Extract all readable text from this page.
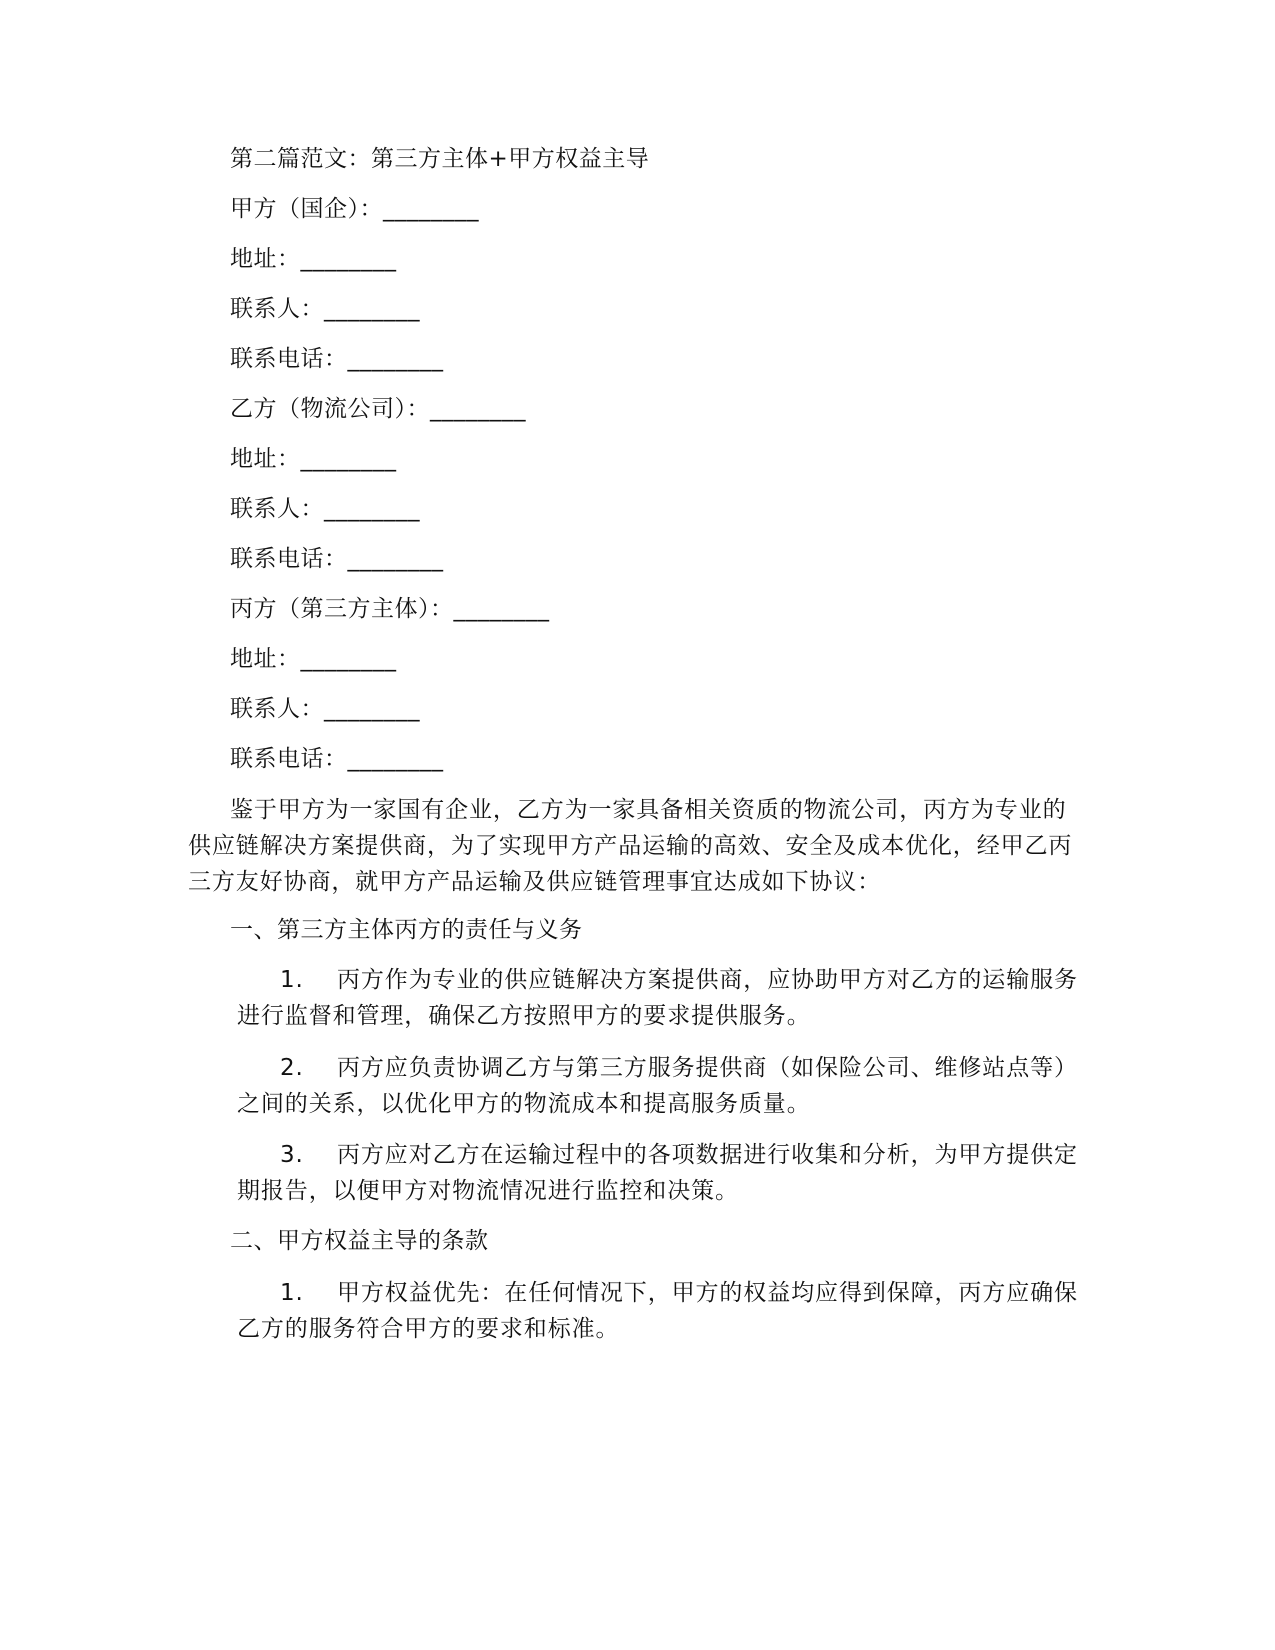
第二篇范文：第三方主体+甲方权益主导
甲方（国企）：________
地址：________
联系人：________
联系电话：________
乙方（物流公司）：________
地址：________
联系人：________
联系电话：________
丙方（第三方主体）：________
地址：________
联系人：________
联系电话：________
鉴于甲方为一家国有企业，乙方为一家具备相关资质的物流公司，丙方为专业的供应链解决方案提供商，为了实现甲方产品运输的高效、安全及成本优化，经甲乙丙三方友好协商，就甲方产品运输及供应链管理事宜达成如下协议：
一、第三方主体丙方的责任与义务
1. 丙方作为专业的供应链解决方案提供商，应协助甲方对乙方的运输服务进行监督和管理，确保乙方按照甲方的要求提供服务。
2. 丙方应负责协调乙方与第三方服务提供商（如保险公司、维修站点等）之间的关系，以优化甲方的物流成本和提高服务质量。
3. 丙方应对乙方在运输过程中的各项数据进行收集和分析，为甲方提供定期报告，以便甲方对物流情况进行监控和决策。
二、甲方权益主导的条款
1. 甲方权益优先：在任何情况下，甲方的权益均应得到保障，丙方应确保乙方的服务符合甲方的要求和标准。
